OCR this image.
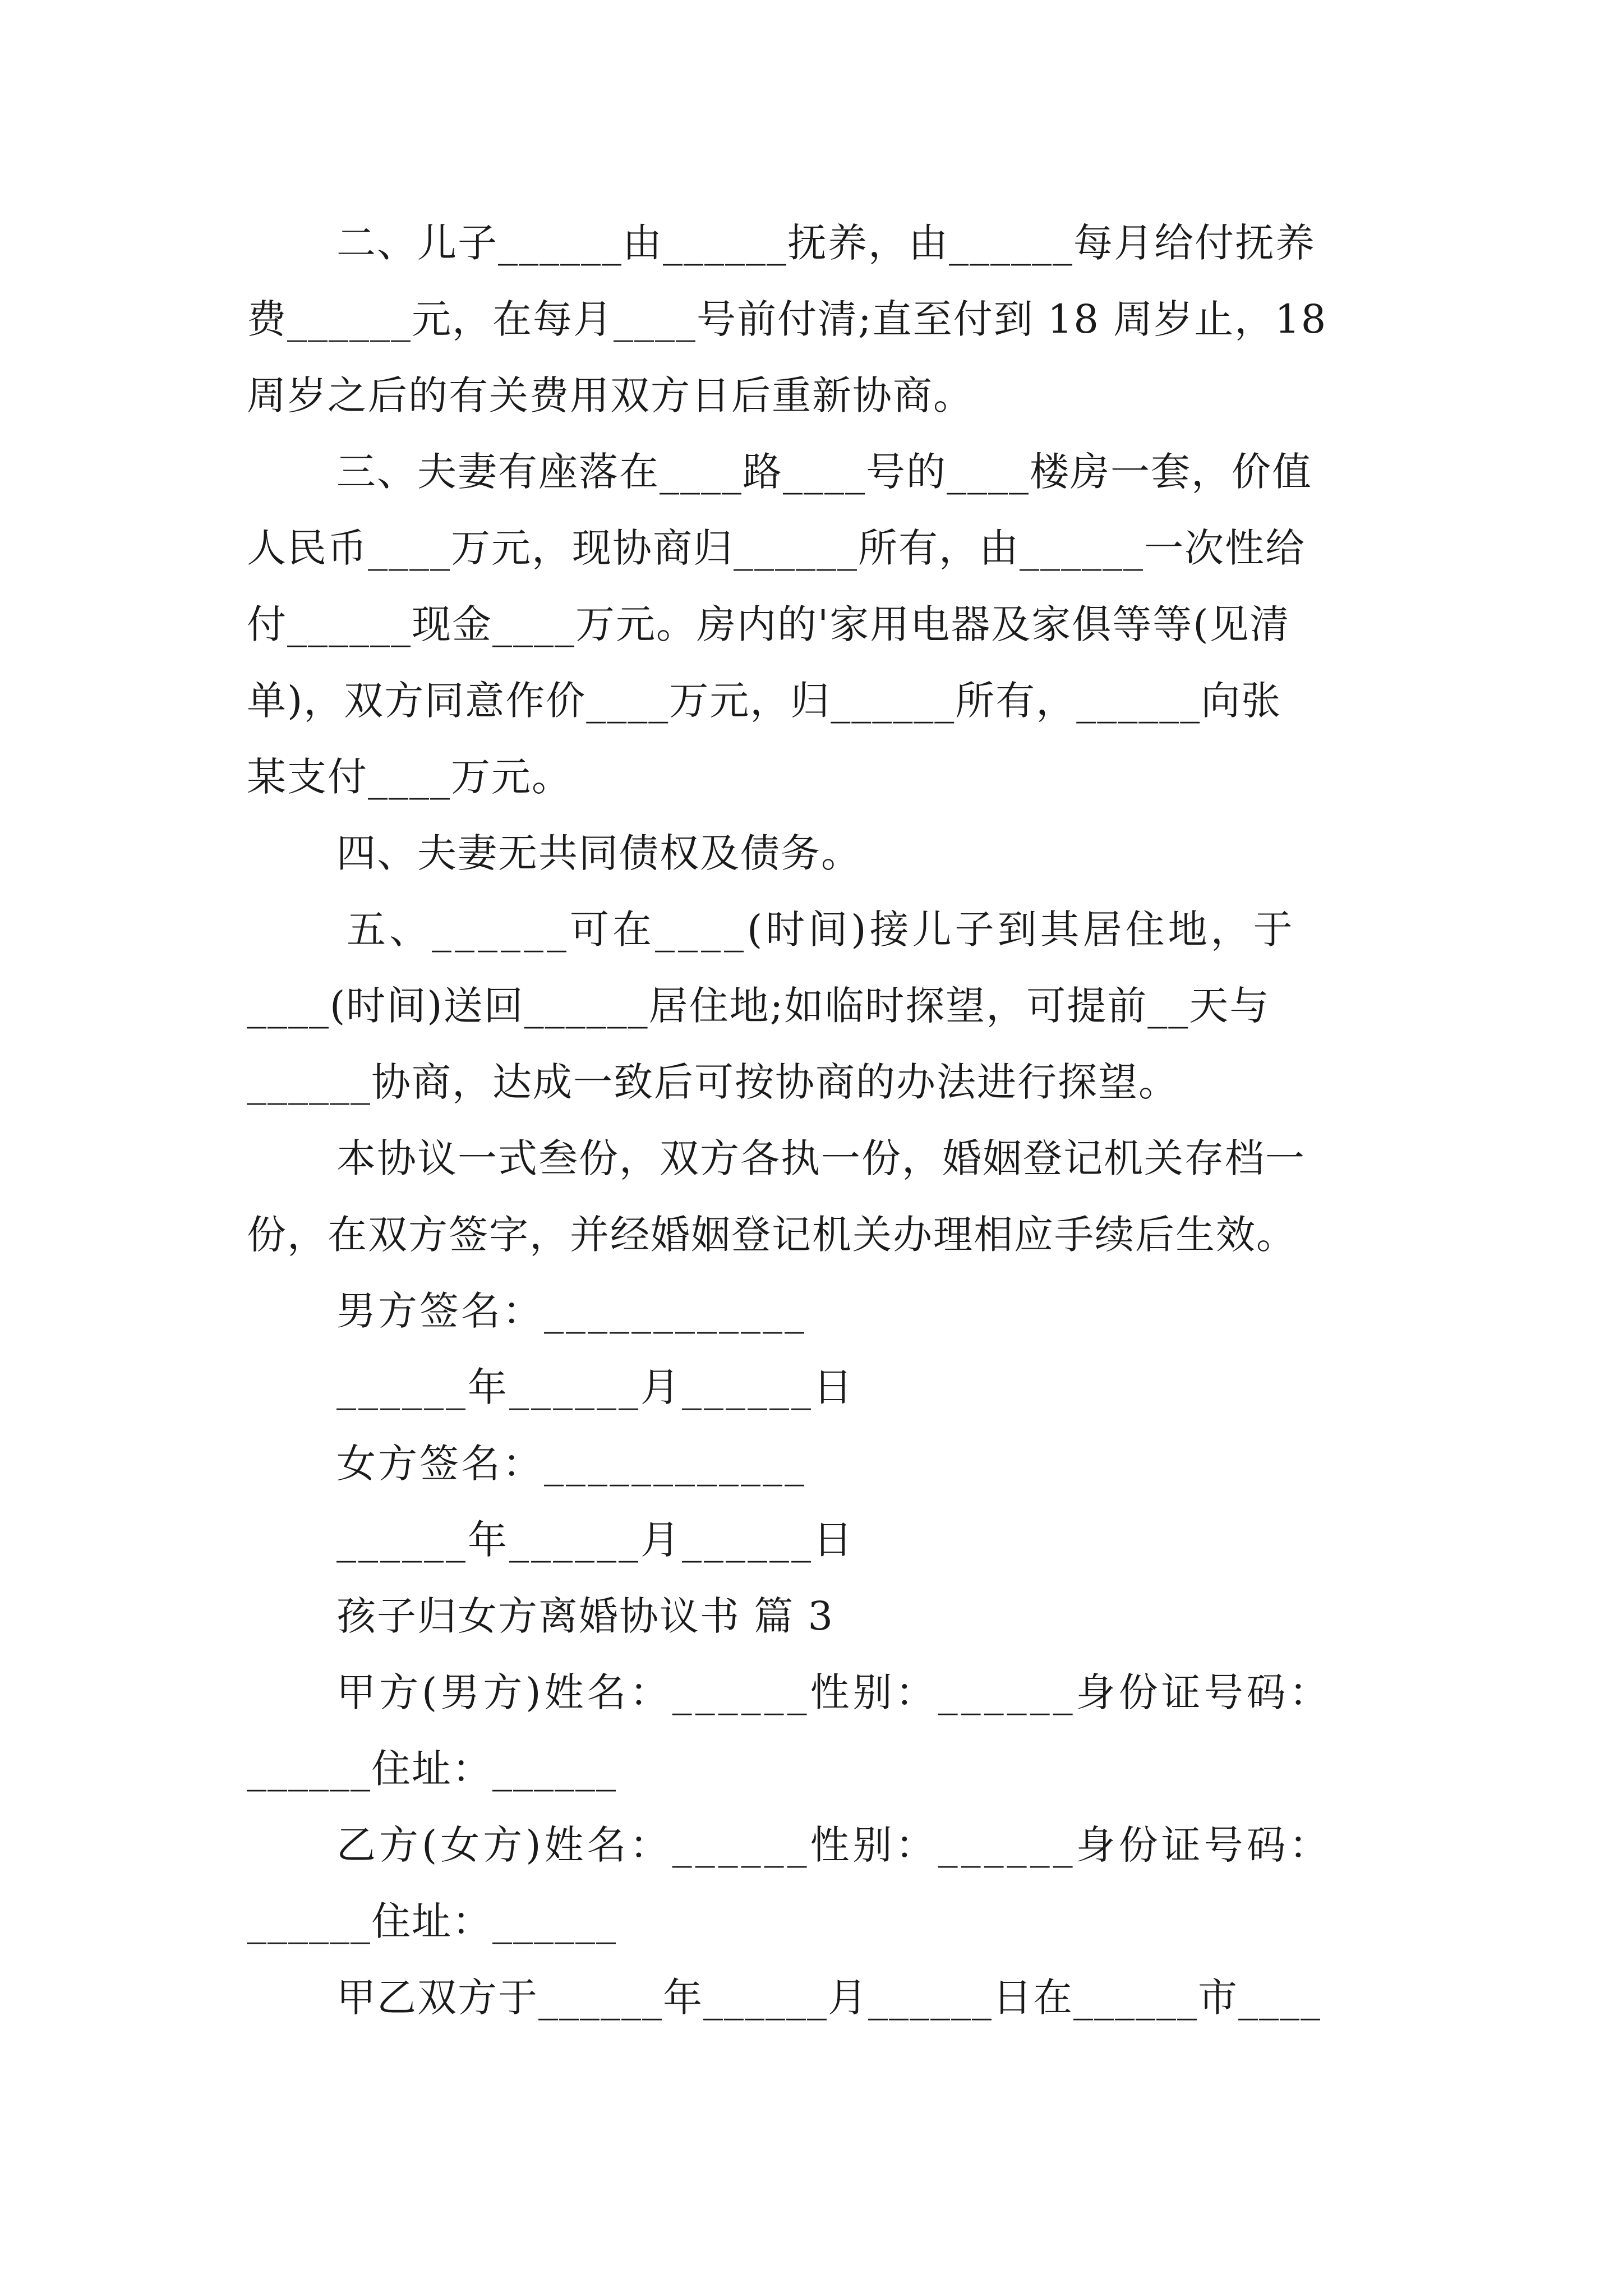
二、儿子______由______抚养，由______每月给付抚养
费______元，在每月____号前付清;直至付到 18 周岁止，18
周岁之后的有关费用双方日后重新协商。
三、夫妻有座落在____路____号的____楼房一套，价值
人民币____万元，现协商归______所有，由______一次性给
付______现金____万元。房内的'家用电器及家俱等等(见清
单)，双方同意作价____万元，归______所有，______向张
某支付____万元。
四、夫妻无共同债权及债务。
五、______可在____(时间)接儿子到其居住地，于
____(时间)送回______居住地;如临时探望，可提前__天与
______协商，达成一致后可按协商的办法进行探望。
本协议一式叁份，双方各执一份，婚姻登记机关存档一
份，在双方签字，并经婚姻登记机关办理相应手续后生效。
男方签名：____________
______年______月______日
女方签名：____________
______年______月______日
孩子归女方离婚协议书 篇 3
甲方(男方)姓名：______性别：______身份证号码：
______住址：______
乙方(女方)姓名：______性别：______身份证号码：
______住址：______
甲乙双方于______年______月______日在______市____
